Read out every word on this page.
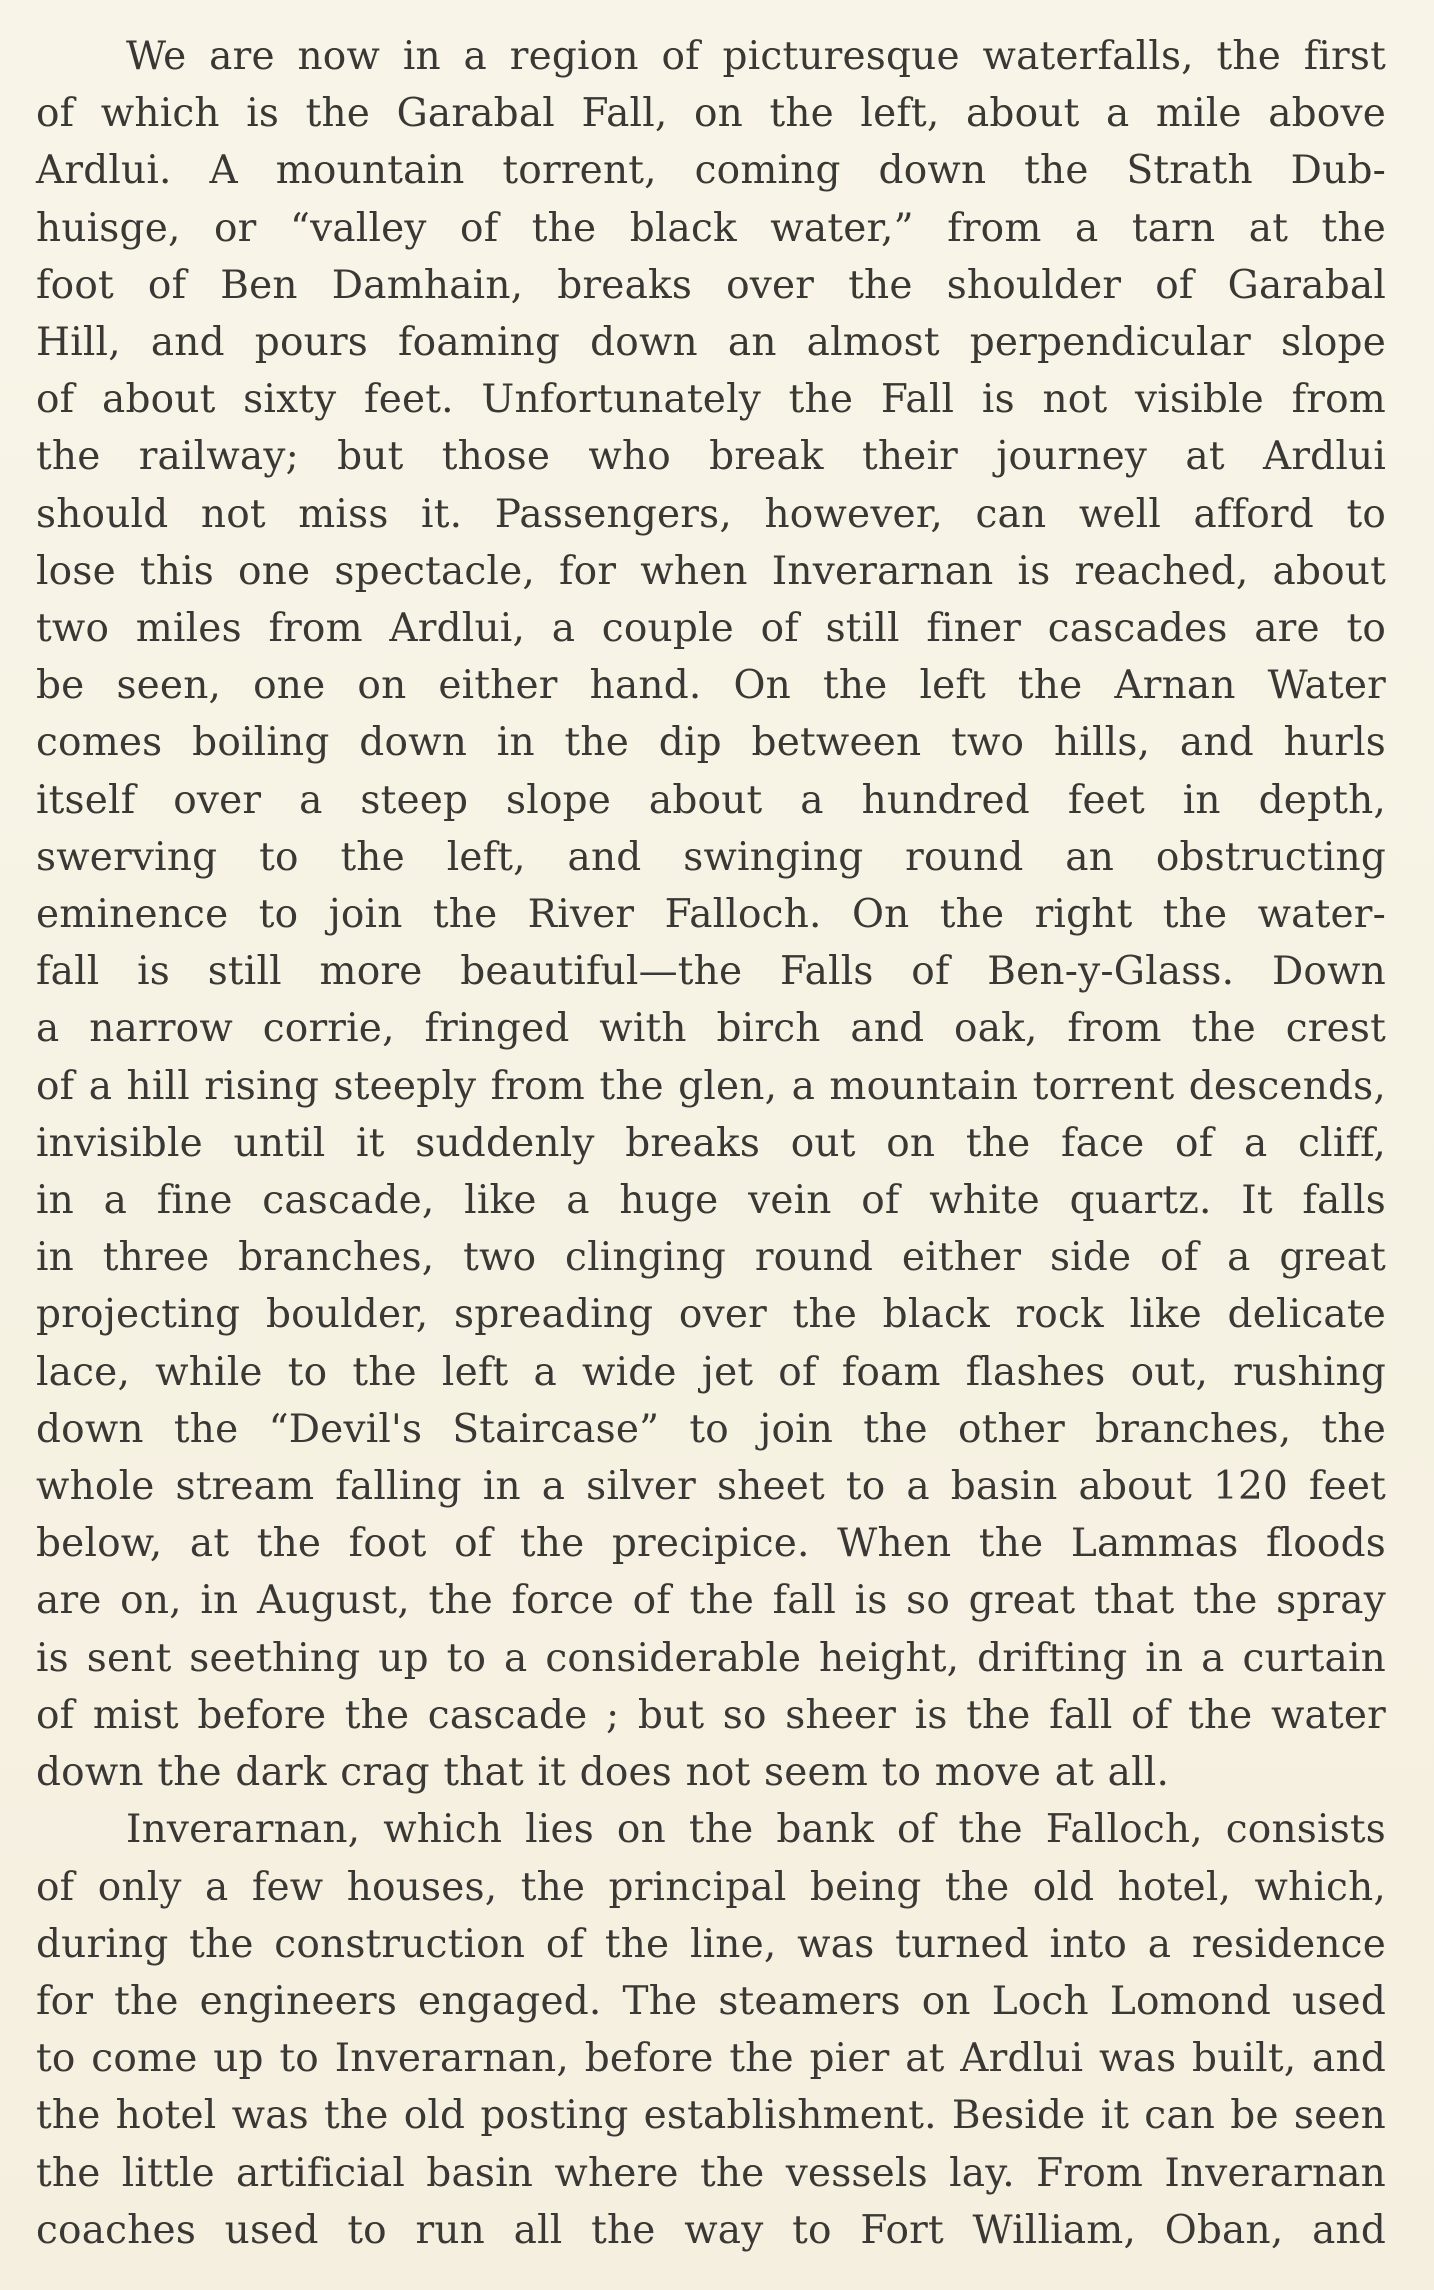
We are now in a region of picturesque waterfalls, the first
of which is the Garabal Fall, on the left, about a mile above
Ardlui. A mountain torrent, coming down the Strath Dub-
huisge, or “valley of the black water,” from a tarn at the
foot of Ben Damhain, breaks over the shoulder of Garabal
Hill, and pours foaming down an almost perpendicular slope
of about sixty feet. Unfortunately the Fall is not visible from
the railway; but those who break their journey at Ardlui
should not miss it. Passengers, however, can well afford to
lose this one spectacle, for when Inverarnan is reached, about
two miles from Ardlui, a couple of still finer cascades are to
be seen, one on either hand. On the left the Arnan Water
comes boiling down in the dip between two hills, and hurls
itself over a steep slope about a hundred feet in depth,
swerving to the left, and swinging round an obstructing
eminence to join the River Falloch. On the right the water-
fall is still more beautiful—the Falls of Ben-y-Glass. Down
a narrow corrie, fringed with birch and oak, from the crest
of a hill rising steeply from the glen, a mountain torrent descends,
invisible until it suddenly breaks out on the face of a cliff,
in a fine cascade, like a huge vein of white quartz. It falls
in three branches, two clinging round either side of a great
projecting boulder, spreading over the black rock like delicate
lace, while to the left a wide jet of foam flashes out, rushing
down the “Devil's Staircase” to join the other branches, the
whole stream falling in a silver sheet to a basin about 120 feet
below, at the foot of the precipice. When the Lammas floods
are on, in August, the force of the fall is so great that the spray
is sent seething up to a considerable height, drifting in a curtain
of mist before the cascade ; but so sheer is the fall of the water
down the dark crag that it does not seem to move at all.
Inverarnan, which lies on the bank of the Falloch, consists
of only a few houses, the principal being the old hotel, which,
during the construction of the line, was turned into a residence
for the engineers engaged. The steamers on Loch Lomond used
to come up to Inverarnan, before the pier at Ardlui was built, and
the hotel was the old posting establishment. Beside it can be seen
the little artificial basin where the vessels lay. From Inverarnan
coaches used to run all the way to Fort William, Oban, and
